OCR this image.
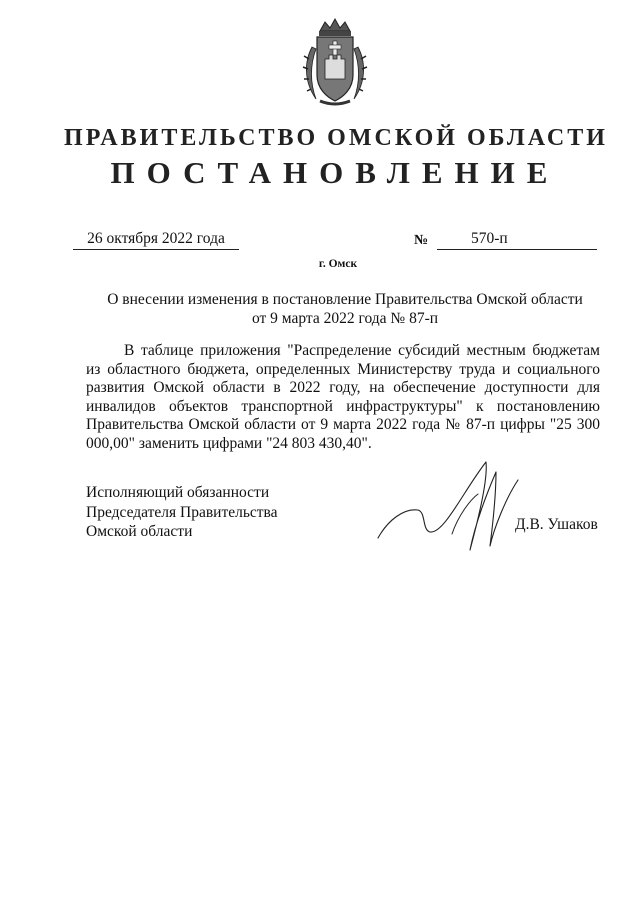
ПРАВИТЕЛЬСТВО ОМСКОЙ ОБЛАСТИ
ПОСТАНОВЛЕНИЕ
26 октября 2022 года	№	570-п
г. Омск
О внесении изменения в постановление Правительства Омской области
от 9 марта 2022 года № 87-п
В таблице приложения "Распределение субсидий местным бюджетам из областного бюджета, определенных Министерству труда и социального развития Омской области в 2022 году, на обеспечение доступности для инвалидов объектов транспортной инфраструктуры" к постановлению Правительства Омской области от 9 марта 2022 года № 87-п цифры "25 300 000,00" заменить цифрами "24 803 430,40".
Исполняющий обязанности
Председателя Правительства
Омской области	Д.В. Ушаков
